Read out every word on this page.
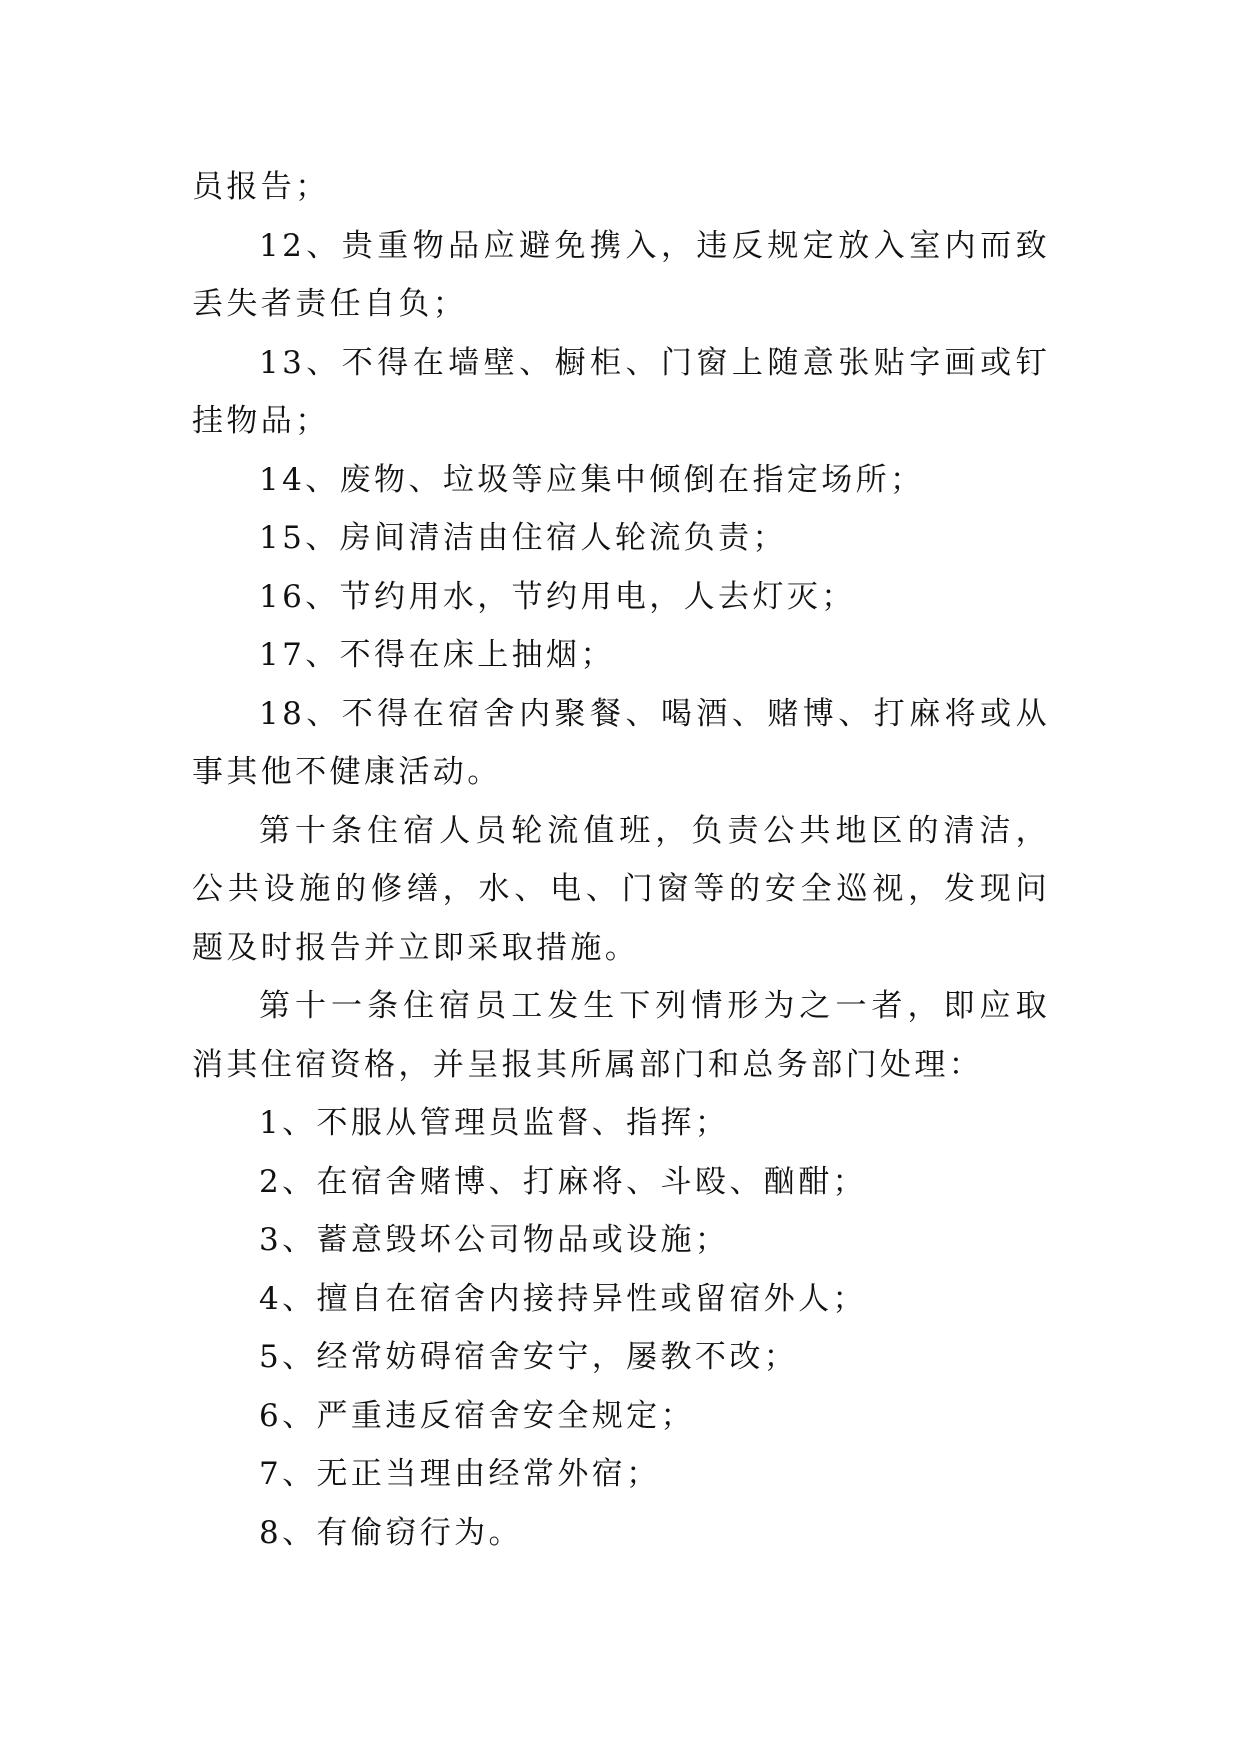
员报告；

12、贵重物品应避免携入，违反规定放入室内而致丢失者责任自负；

13、不得在墙壁、橱柜、门窗上随意张贴字画或钉挂物品；

14、废物、垃圾等应集中倾倒在指定场所；

15、房间清洁由住宿人轮流负责；

16、节约用水，节约用电，人去灯灭；

17、不得在床上抽烟；

18、不得在宿舍内聚餐、喝酒、赌博、打麻将或从事其他不健康活动。

第十条住宿人员轮流值班，负责公共地区的清洁，公共设施的修缮，水、电、门窗等的安全巡视，发现问题及时报告并立即采取措施。

第十一条住宿员工发生下列情形为之一者，即应取消其住宿资格，并呈报其所属部门和总务部门处理：

1、不服从管理员监督、指挥；

2、在宿舍赌博、打麻将、斗殴、酗酣；

3、蓄意毁坏公司物品或设施；

4、擅自在宿舍内接持异性或留宿外人；

5、经常妨碍宿舍安宁，屡教不改；

6、严重违反宿舍安全规定；

7、无正当理由经常外宿；

8、有偷窃行为。
